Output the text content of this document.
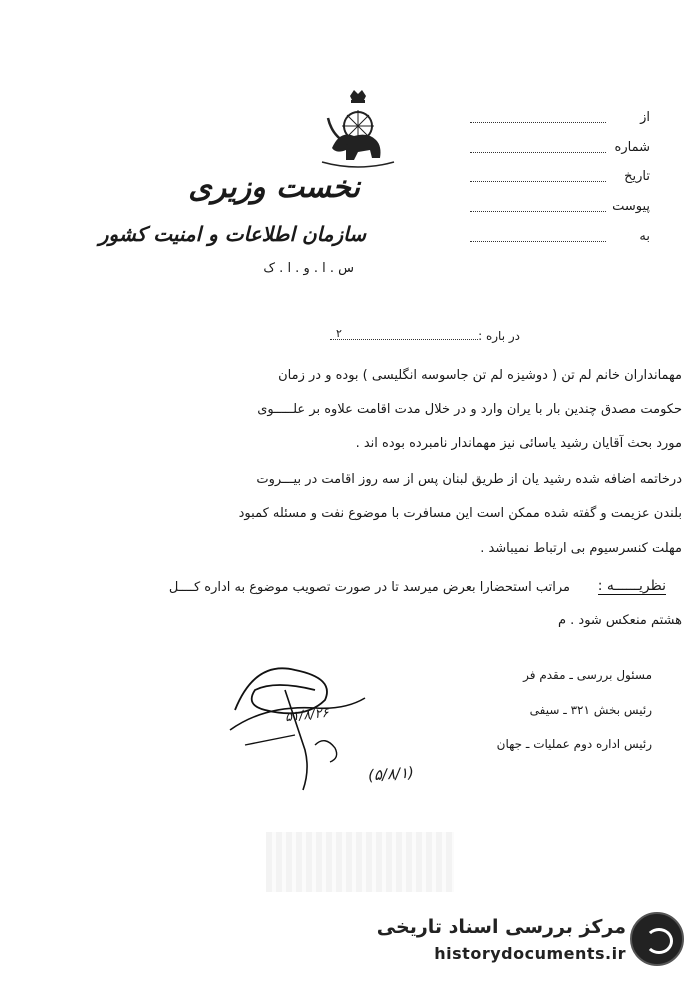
نخست وزیری
سازمان اطلاعات و امنیت کشور
س . ا . و . ا . ک
از
شماره
تاریخ
پیوست
به
در باره :
۲
مهمانداران خانم لم تن ( دوشیزه لم تن جاسوسه انگلیسی ) بوده و در زمان
حکومت مصدق چندین بار با یران وارد و در خلال مدت اقامت علاوه بر علـــــوی
مورد بحث آقایان رشید یاسائی نیز مهماندار نامبرده بوده اند .
درخاتمه اضافه شده رشید یان از طریق لبنان پس از سه روز اقامت در بیـــروت
بلندن عزیمت و گفته شده ممکن است این مسافرت با موضوع نفت و مسئله کمبود
مهلت کنسرسیوم بی ارتباط نمیباشد .
نظریــــــه :
مراتب استحضارا بعرض میرسد تا در صورت تصویب موضوع به اداره کــــل
هشتم منعکس شود . م
مسئول بررسی ـ مقدم فر
رئیس بخش ۳۲۱ ـ سیفی
رئیس اداره دوم عملیات ـ جهان
۵۱/۸/۲۶
(۵/۸/۱)
مرکز بررسی اسناد تاریخی
historydocuments.ir
